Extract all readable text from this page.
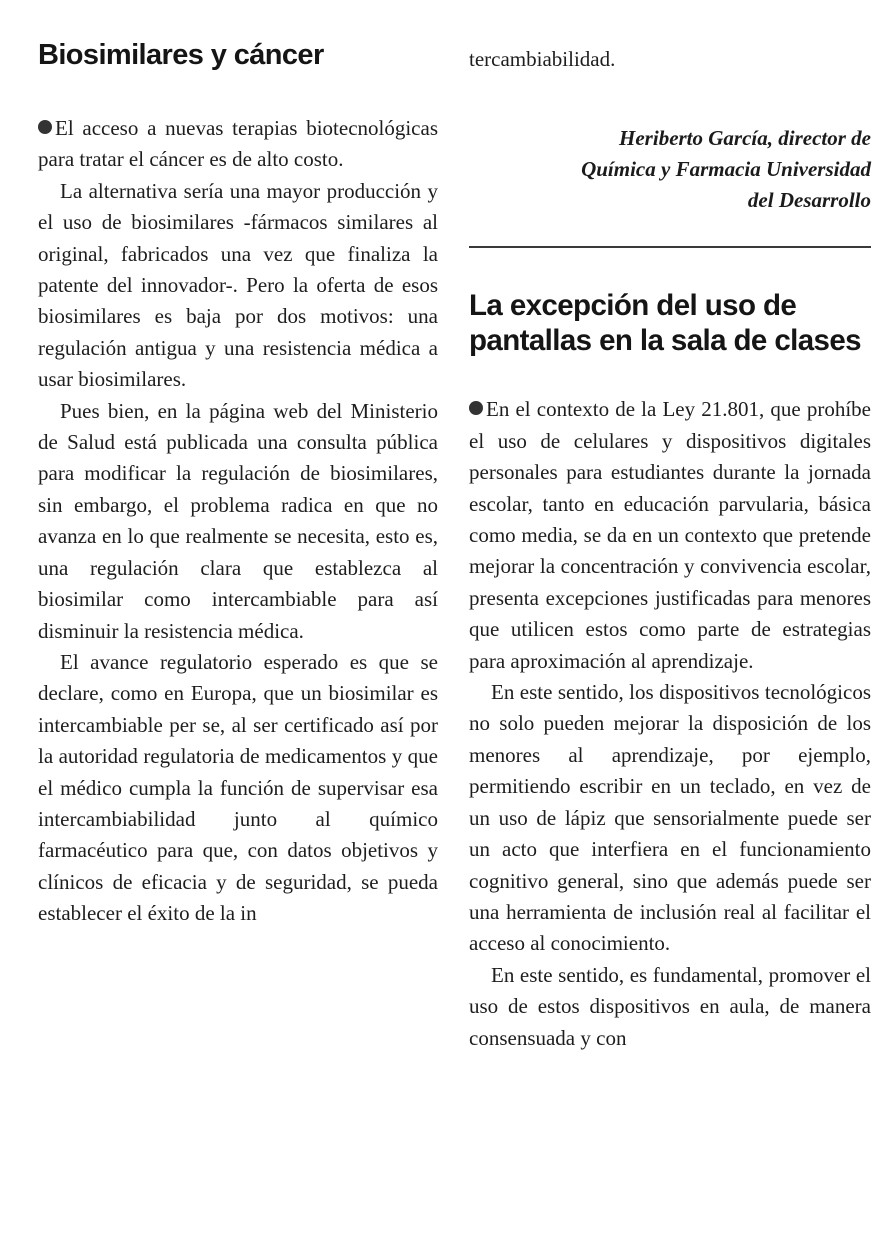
Biosimilares y cáncer

El acceso a nuevas terapias biotecnológicas para tratar el cáncer es de alto costo.

La alternativa sería una mayor producción y el uso de biosimilares -fármacos similares al original, fabricados una vez que finaliza la patente del innovador-. Pero la oferta de esos biosimilares es baja por dos motivos: una regulación antigua y una resistencia médica a usar biosimilares.

Pues bien, en la página web del Ministerio de Salud está publicada una consulta pública para modificar la regulación de biosimilares, sin embargo, el problema radica en que no avanza en lo que realmente se necesita, esto es, una regulación clara que establezca al biosimilar como intercambiable para así disminuir la resistencia médica.

El avance regulatorio esperado es que se declare, como en Europa, que un biosimilar es intercambiable per se, al ser certificado así por la autoridad regulatoria de medicamentos y que el médico cumpla la función de supervisar esa intercambiabilidad junto al químico farmacéutico para que, con datos objetivos y clínicos de eficacia y de seguridad, se pueda establecer el éxito de la in

tercambiabilidad.

Heriberto García, director de
Química y Farmacia Universidad
del Desarrollo
La excepción del uso de
pantallas en la sala de clases

En el contexto de la Ley 21.801, que prohíbe el uso de celulares y dispositivos digitales personales para estudiantes durante la jornada escolar, tanto en educación parvularia, básica como media, se da en un contexto que pretende mejorar la concentración y convivencia escolar, presenta excepciones justificadas para menores que utilicen estos como parte de estrategias para aproximación al aprendizaje.

En este sentido, los dispositivos tecnológicos no solo pueden mejorar la disposición de los menores al aprendizaje, por ejemplo, permitiendo escribir en un teclado, en vez de un uso de lápiz que sensorialmente puede ser un acto que interfiera en el funcionamiento cognitivo general, sino que además puede ser una herramienta de inclusión real al facilitar el acceso al conocimiento.

En este sentido, es fundamental, promover el uso de estos dispositivos en aula, de manera consensuada y con
